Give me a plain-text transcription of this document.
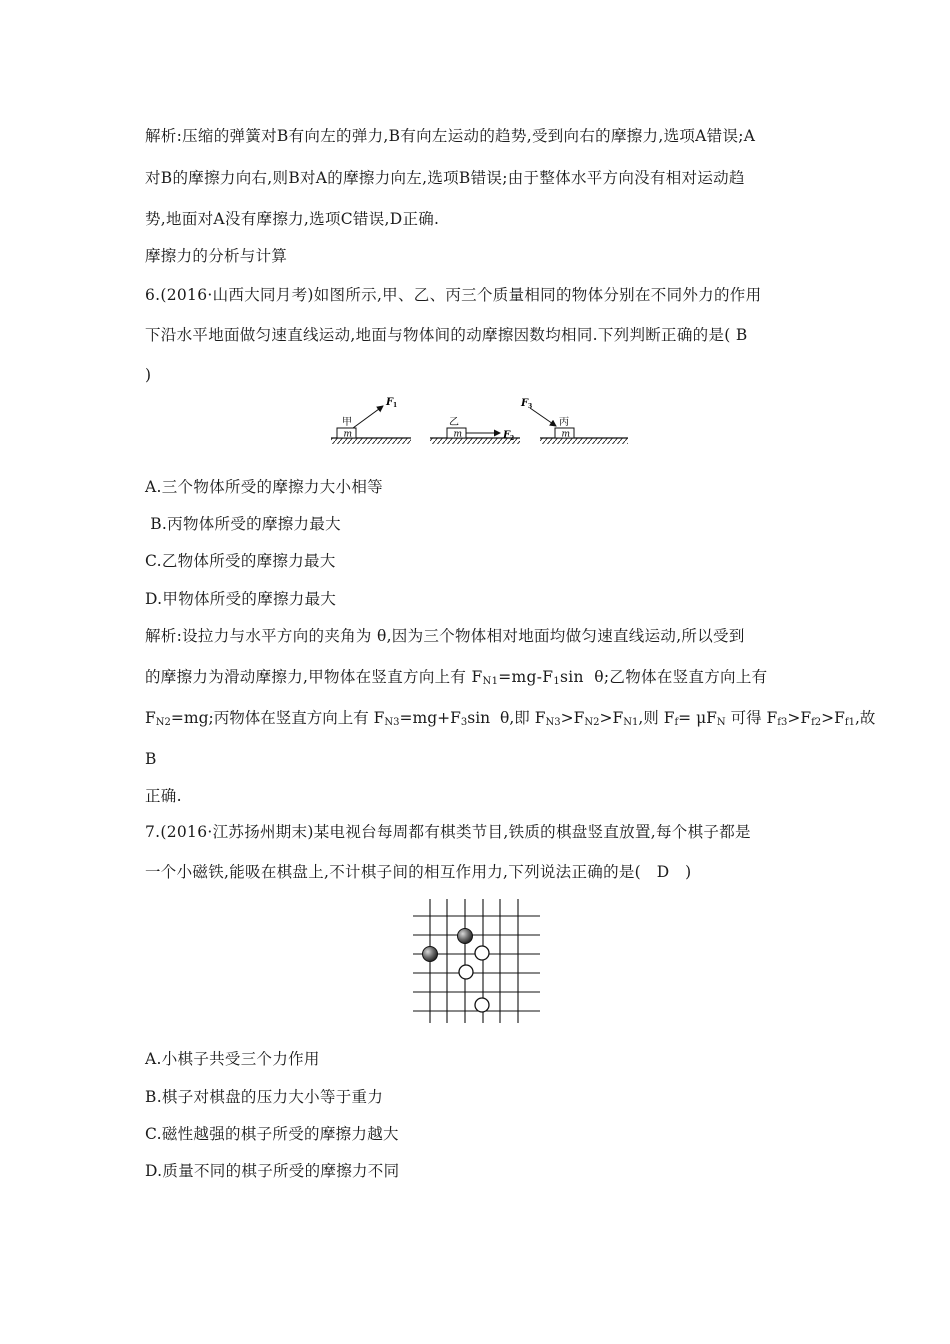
解析:压缩的弹簧对B有向左的弹力,B有向左运动的趋势,受到向右的摩擦力,选项A错误;A
对B的摩擦力向右,则B对A的摩擦力向左,选项B错误;由于整体水平方向没有相对运动趋
势,地面对A没有摩擦力,选项C错误,D正确.
摩擦力的分析与计算
6.(2016·山西大同月考)如图所示,甲、乙、丙三个质量相同的物体分别在不同外力的作用
下沿水平地面做匀速直线运动,地面与物体间的动摩擦因数均相同.下列判断正确的是( B
)
m
甲
F 1
m
乙
F 2	m
丙
F 3
A.三个物体所受的摩擦力大小相等
B.丙物体所受的摩擦力最大
C.乙物体所受的摩擦力最大
D.甲物体所受的摩擦力最大
解析:设拉力与水平方向的夹角为 θ,因为三个物体相对地面均做匀速直线运动,所以受到
的摩擦力为滑动摩擦力,甲物体在竖直方向上有 $F_{N1}=mg-F_1\sin$  θ;乙物体在竖直方向上有
$F_{N2}=mg$;丙物体在竖直方向上有 $F_{N3}=mg+F_3\sin$  θ,即 $F_{N3}>F_{N2}>F_{N1}$,则 $F_f= \mu F_N$ 可得 $F_{f3}>F_{f2}>F_{f1}$,故
B
正确.
7.(2016·江苏扬州期末)某电视台每周都有棋类节目,铁质的棋盘竖直放置,每个棋子都是
一个小磁铁,能吸在棋盘上,不计棋子间的相互作用力,下列说法正确的是(   D   )
A.小棋子共受三个力作用
B.棋子对棋盘的压力大小等于重力
C.磁性越强的棋子所受的摩擦力越大
D.质量不同的棋子所受的摩擦力不同
